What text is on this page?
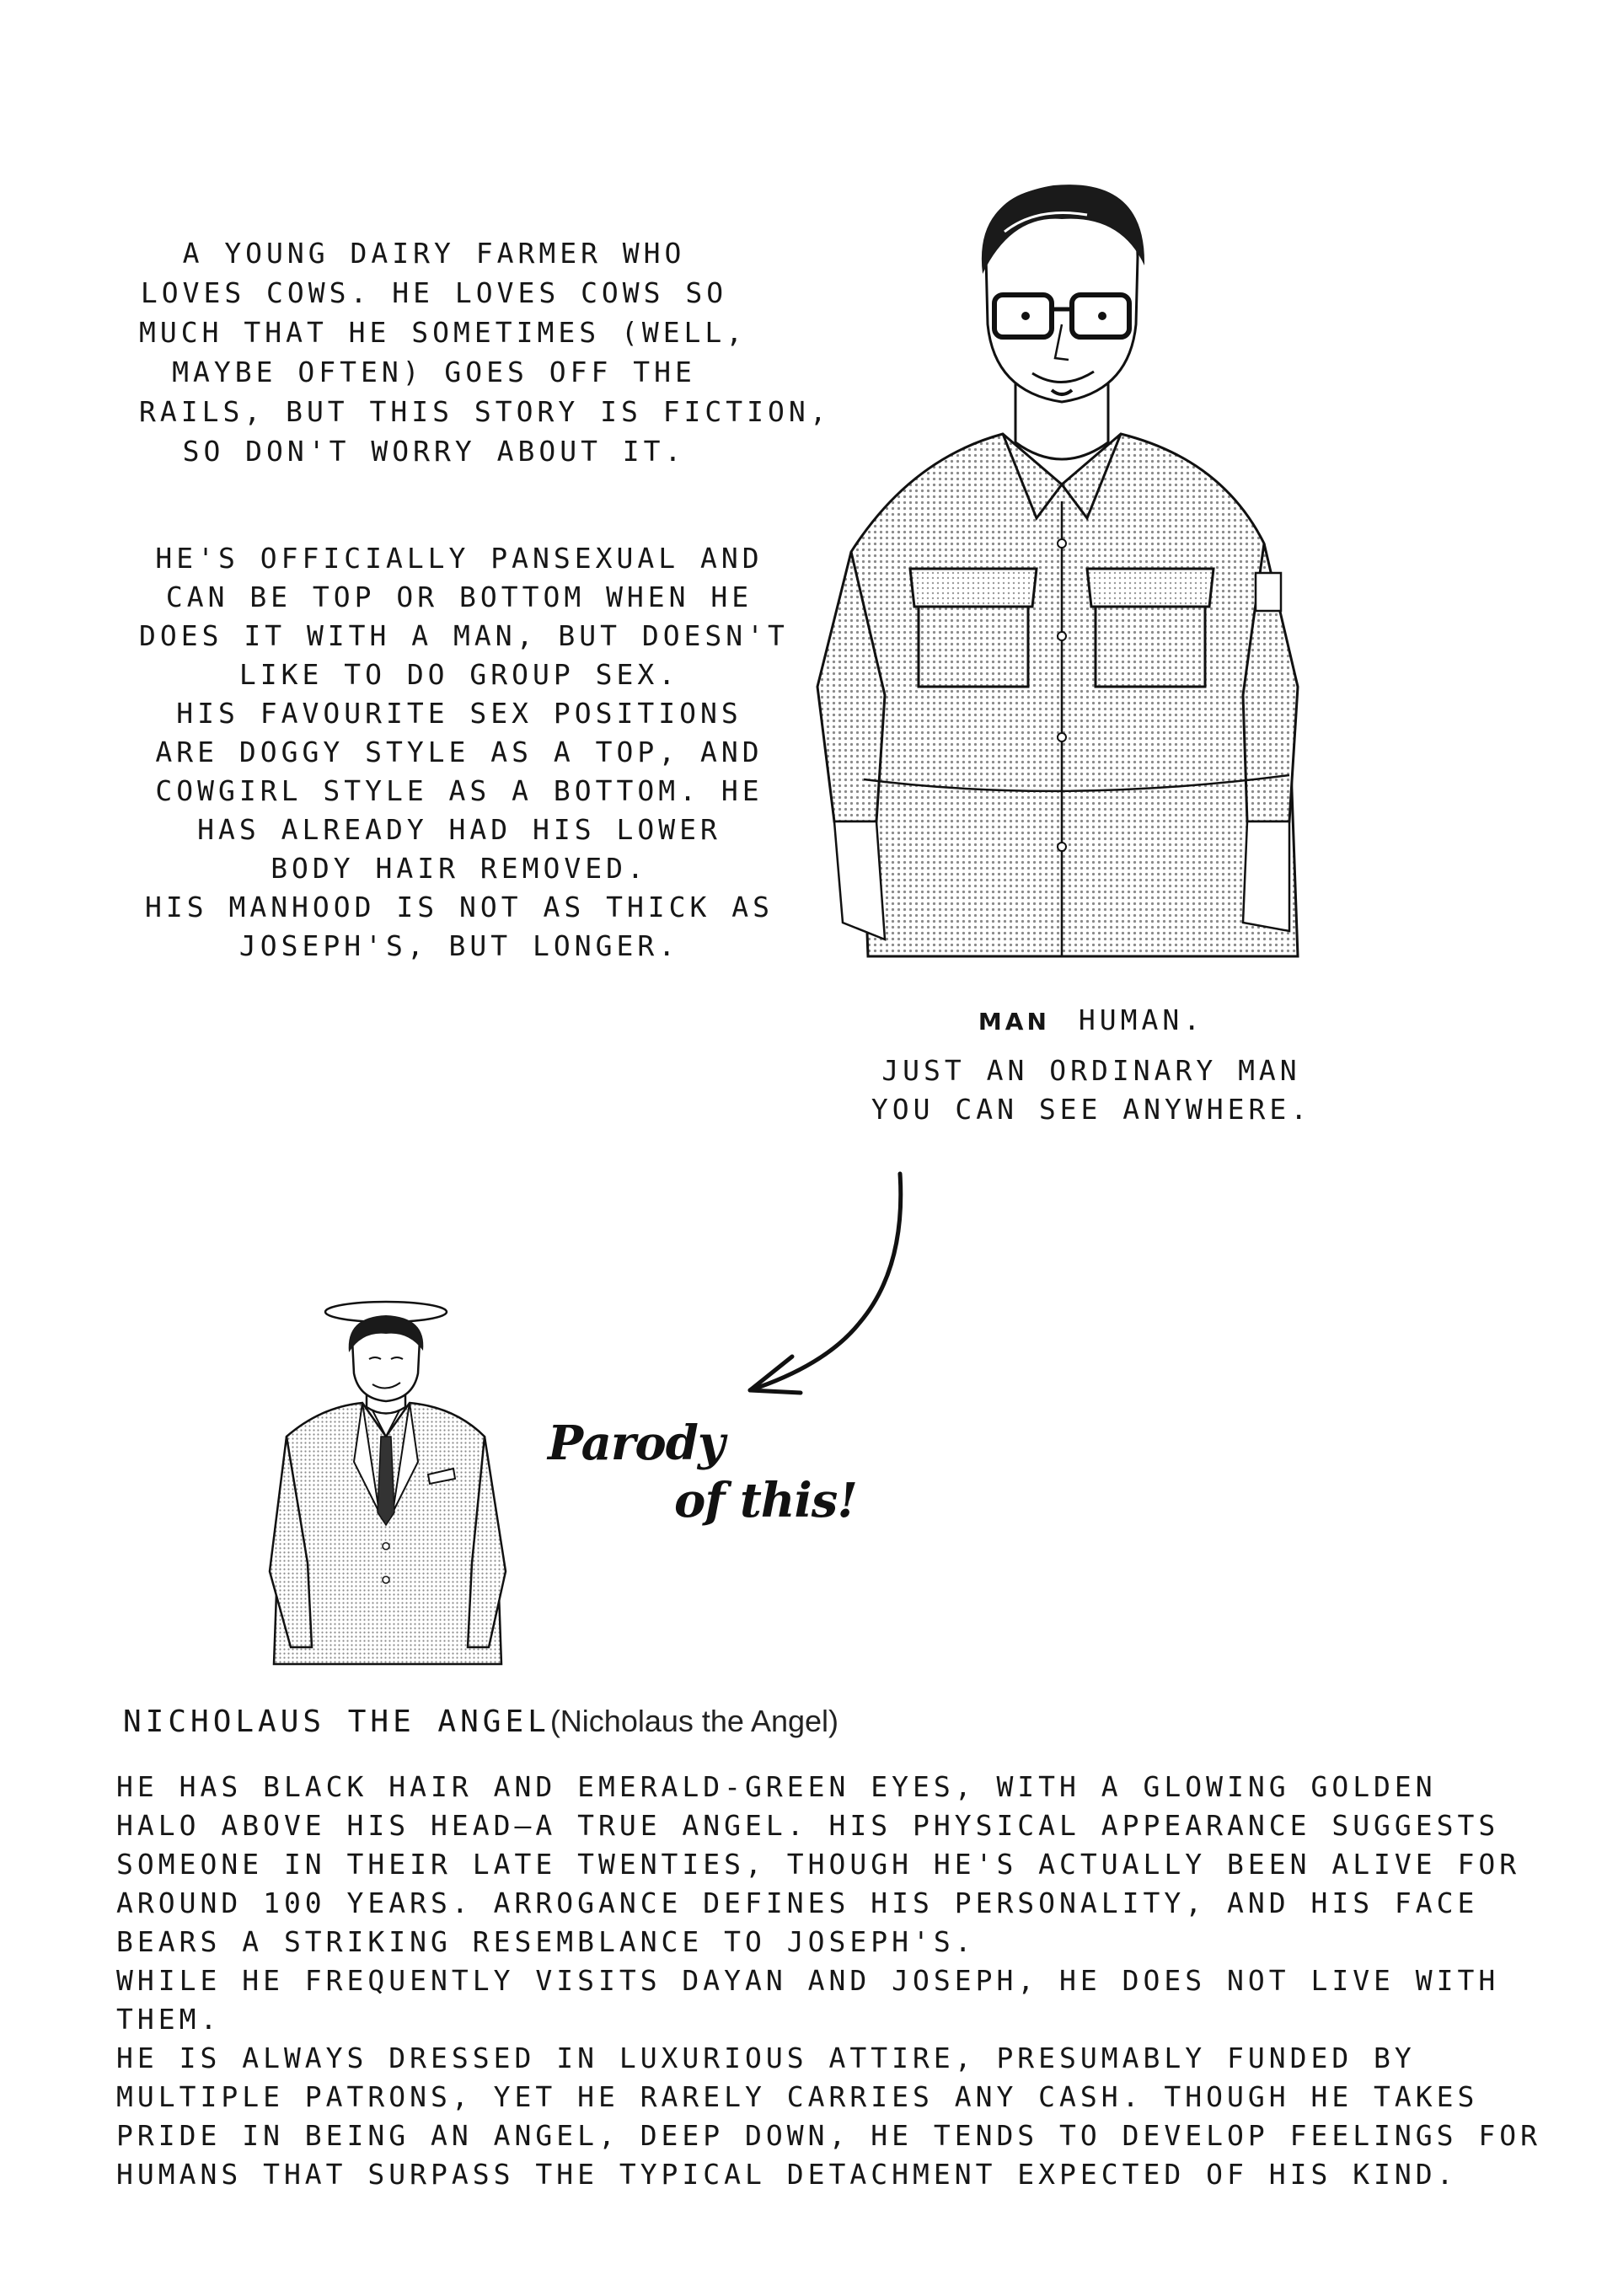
A YOUNG DAIRY FARMER WHO
LOVES COWS. HE LOVES COWS SO
MUCH THAT HE SOMETIMES (WELL,
MAYBE OFTEN) GOES OFF THE
RAILS, BUT THIS STORY IS FICTION,
SO DON'T WORRY ABOUT IT.
HE'S OFFICIALLY PANSEXUAL AND
CAN BE TOP OR BOTTOM WHEN HE
DOES IT WITH A MAN, BUT DOESN'T
LIKE TO DO GROUP SEX.
HIS FAVOURITE SEX POSITIONS
ARE DOGGY STYLE AS A TOP, AND
COWGIRL STYLE AS A BOTTOM. HE
HAS ALREADY HAD HIS LOWER
BODY HAIR REMOVED.
HIS MANHOOD IS NOT AS THICK AS
JOSEPH'S, BUT LONGER.
MAN HUMAN.
JUST AN ORDINARY MAN
YOU CAN SEE ANYWHERE.
Parody
of this!
NICHOLAUS THE ANGEL(Nicholaus the Angel)
HE HAS BLACK HAIR AND EMERALD-GREEN EYES, WITH A GLOWING GOLDEN
HALO ABOVE HIS HEAD—A TRUE ANGEL. HIS PHYSICAL APPEARANCE SUGGESTS
SOMEONE IN THEIR LATE TWENTIES, THOUGH HE'S ACTUALLY BEEN ALIVE FOR
AROUND 100 YEARS. ARROGANCE DEFINES HIS PERSONALITY, AND HIS FACE
BEARS A STRIKING RESEMBLANCE TO JOSEPH'S.
WHILE HE FREQUENTLY VISITS DAYAN AND JOSEPH, HE DOES NOT LIVE WITH
THEM.
HE IS ALWAYS DRESSED IN LUXURIOUS ATTIRE, PRESUMABLY FUNDED BY
MULTIPLE PATRONS, YET HE RARELY CARRIES ANY CASH. THOUGH HE TAKES
PRIDE IN BEING AN ANGEL, DEEP DOWN, HE TENDS TO DEVELOP FEELINGS FOR
HUMANS THAT SURPASS THE TYPICAL DETACHMENT EXPECTED OF HIS KIND.
